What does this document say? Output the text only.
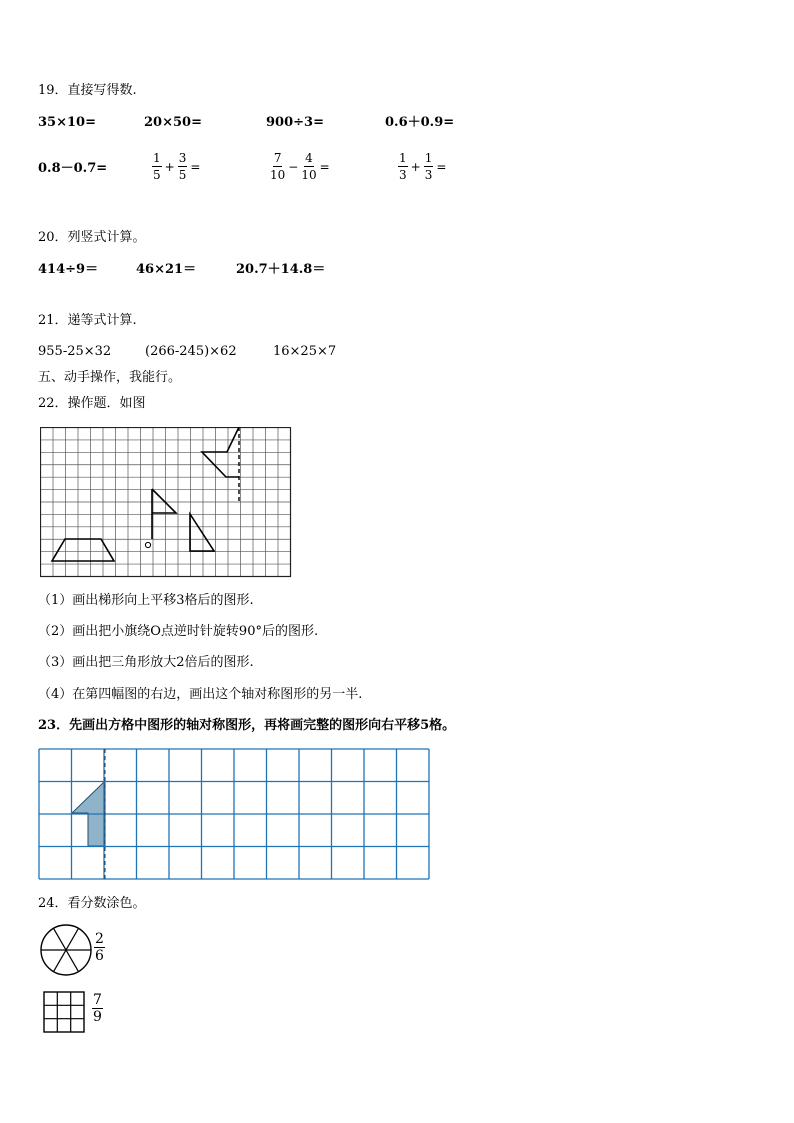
19．直接写得数.
35×10=	20×50=	900÷3=	0.6＋0.9=
0.8－0.7=	$\frac{1}{5} + \frac{3}{5}$ =	$\frac{7}{10} - \frac{4}{10}$ =	$\frac{1}{3} + \frac{1}{3}$ =
20．列竖式计算。
414÷9＝	46×21＝	20.7＋14.8＝
21．递等式计算.
955-25×32	(266-245)×62	16×25×7
五、动手操作，我能行。
22．操作题．如图
（1）画出梯形向上平移3格后的图形.
（2）画出把小旗绕O点逆时针旋转90°后的图形.
（3）画出把三角形放大2倍后的图形.
（4）在第四幅图的右边，画出这个轴对称图形的另一半.
23．先画出方格中图形的轴对称图形，再将画完整的图形向右平移5格。
24．看分数涂色。
$\frac{2}{6}$
$\frac{7}{9}$
